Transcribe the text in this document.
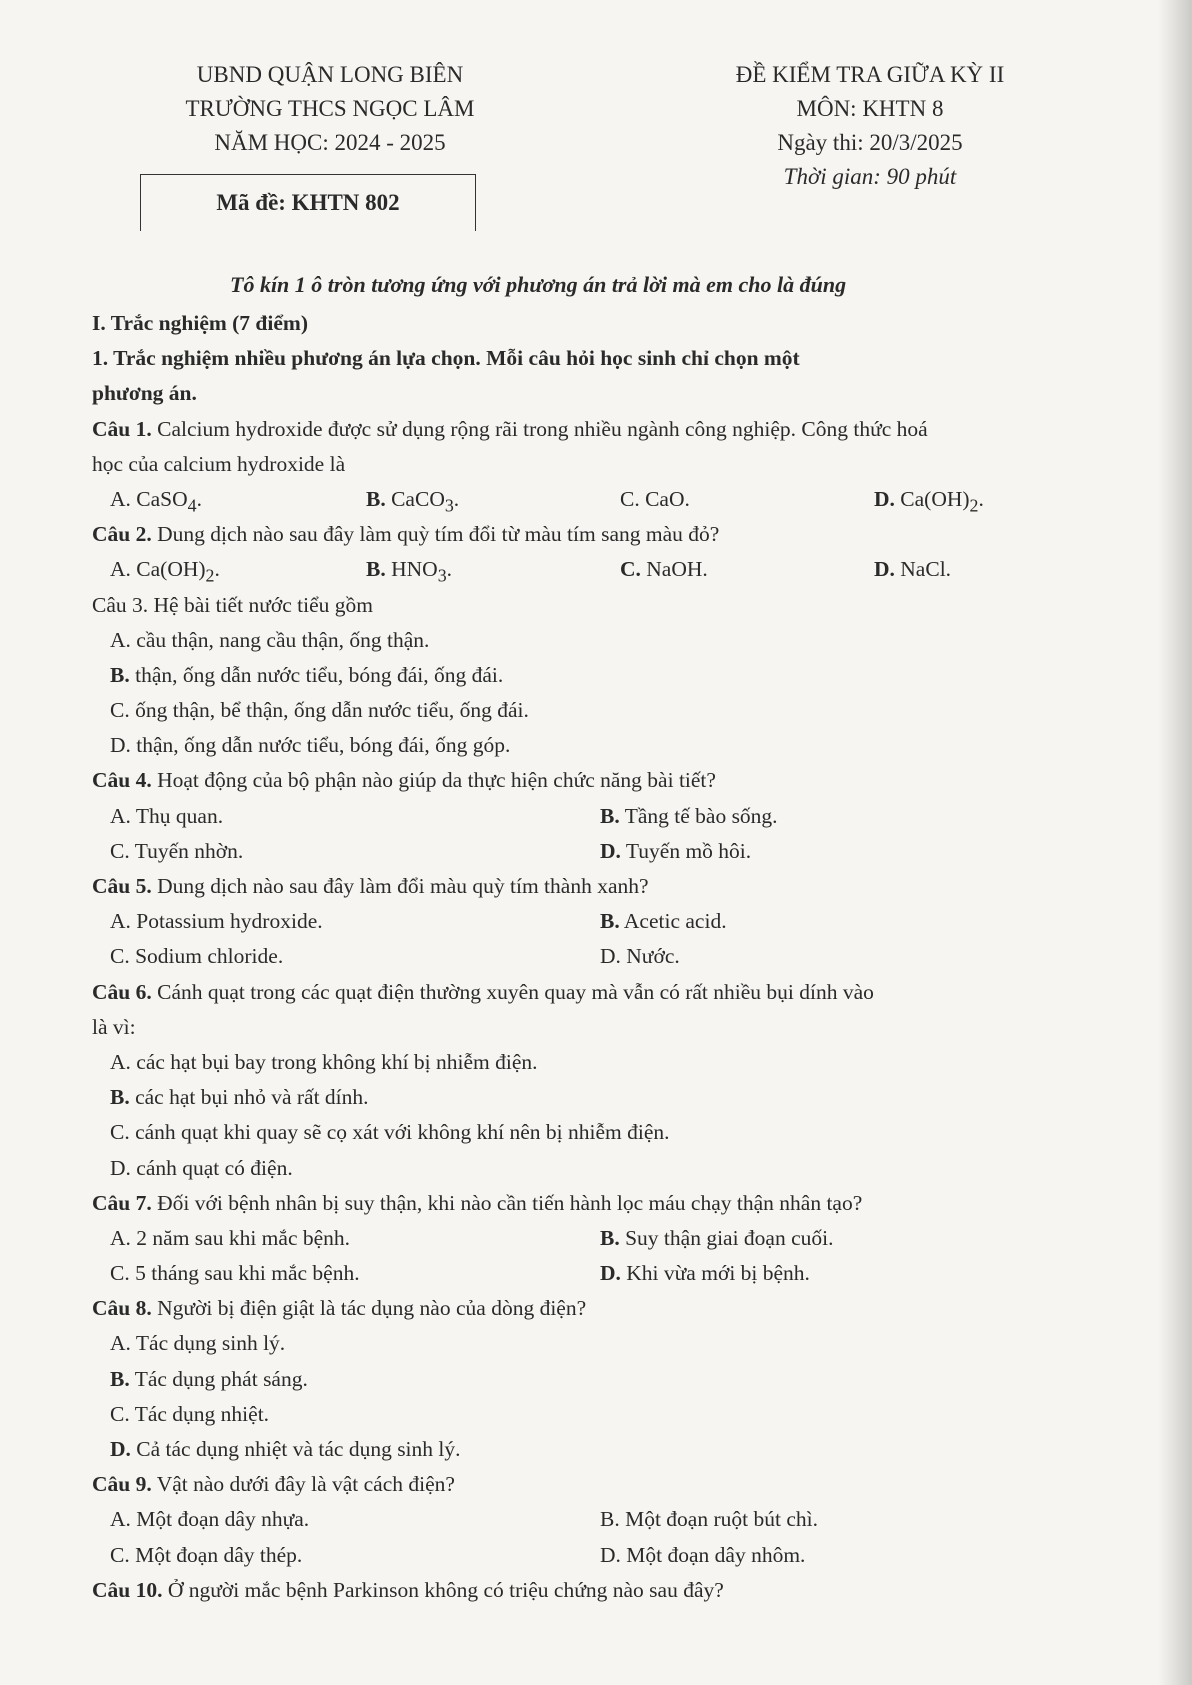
UBND QUẬN LONG BIÊN
TRƯỜNG THCS NGỌC LÂM
NĂM HỌC: 2024 - 2025
ĐỀ KIỂM TRA GIỮA KỲ II
MÔN: KHTN 8
Ngày thi: 20/3/2025
Thời gian: 90 phút
Mã đề: KHTN 802
Tô kín 1 ô tròn tương ứng với phương án trả lời mà em cho là đúng
I. Trắc nghiệm (7 điểm)
1. Trắc nghiệm nhiều phương án lựa chọn. Mỗi câu hỏi học sinh chỉ chọn một
phương án.
Câu 1. Calcium hydroxide được sử dụng rộng rãi trong nhiều ngành công nghiệp. Công thức hoá
học của calcium hydroxide là
A. CaSO$_4$.	B. CaCO$_3$.	C. CaO.	D. $Ca(OH)_2$.
Câu 2. Dung dịch nào sau đây làm quỳ tím đổi từ màu tím sang màu đỏ?
A. $Ca(OH)_2$.	B. $HNO_3$.	C. NaOH.	D. NaCl.
Câu 3. Hệ bài tiết nước tiểu gồm
A. cầu thận, nang cầu thận, ống thận.
B. thận, ống dẫn nước tiểu, bóng đái, ống đái.
C. ống thận, bể thận, ống dẫn nước tiểu, ống đái.
D. thận, ống dẫn nước tiểu, bóng đái, ống góp.
Câu 4. Hoạt động của bộ phận nào giúp da thực hiện chức năng bài tiết?
A. Thụ quan.	B. Tầng tế bào sống.
C. Tuyến nhờn.	D. Tuyến mồ hôi.
Câu 5. Dung dịch nào sau đây làm đổi màu quỳ tím thành xanh?
A. Potassium hydroxide.	B. Acetic acid.
C. Sodium chloride.	D. Nước.
Câu 6. Cánh quạt trong các quạt điện thường xuyên quay mà vẫn có rất nhiều bụi dính vào
là vì:
A. các hạt bụi bay trong không khí bị nhiễm điện.
B. các hạt bụi nhỏ và rất dính.
C. cánh quạt khi quay sẽ cọ xát với không khí nên bị nhiễm điện.
D. cánh quạt có điện.
Câu 7. Đối với bệnh nhân bị suy thận, khi nào cần tiến hành lọc máu chạy thận nhân tạo?
A. 2 năm sau khi mắc bệnh.	B. Suy thận giai đoạn cuối.
C. 5 tháng sau khi mắc bệnh.	D. Khi vừa mới bị bệnh.
Câu 8. Người bị điện giật là tác dụng nào của dòng điện?
A. Tác dụng sinh lý.
B. Tác dụng phát sáng.
C. Tác dụng nhiệt.
D. Cả tác dụng nhiệt và tác dụng sinh lý.
Câu 9. Vật nào dưới đây là vật cách điện?
A. Một đoạn dây nhựa.	B. Một đoạn ruột bút chì.
C. Một đoạn dây thép.	D. Một đoạn dây nhôm.
Câu 10. Ở người mắc bệnh Parkinson không có triệu chứng nào sau đây?
